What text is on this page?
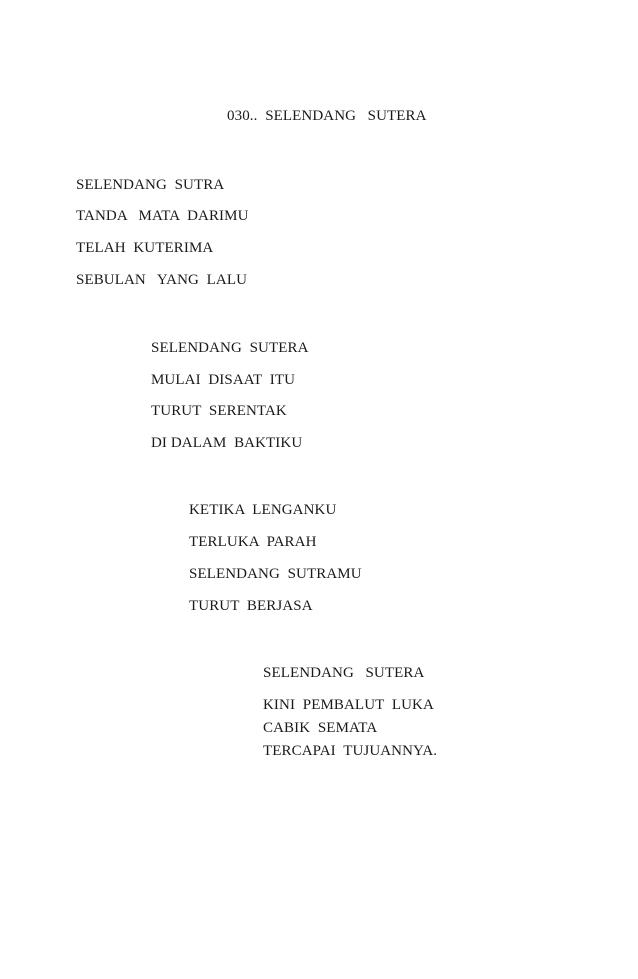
030..  SELENDANG   SUTERA

SELENDANG  SUTRA

TANDA   MATA  DARIMU

TELAH  KUTERIMA

SEBULAN   YANG  LALU

SELENDANG  SUTERA

MULAI  DISAAT  ITU

TURUT  SERENTAK

DI DALAM  BAKTIKU

KETIKA  LENGANKU

TERLUKA  PARAH

SELENDANG  SUTRAMU

TURUT  BERJASA

SELENDANG   SUTERA

KINI  PEMBALUT  LUKA

CABIK  SEMATA

TERCAPAI  TUJUANNYA.
